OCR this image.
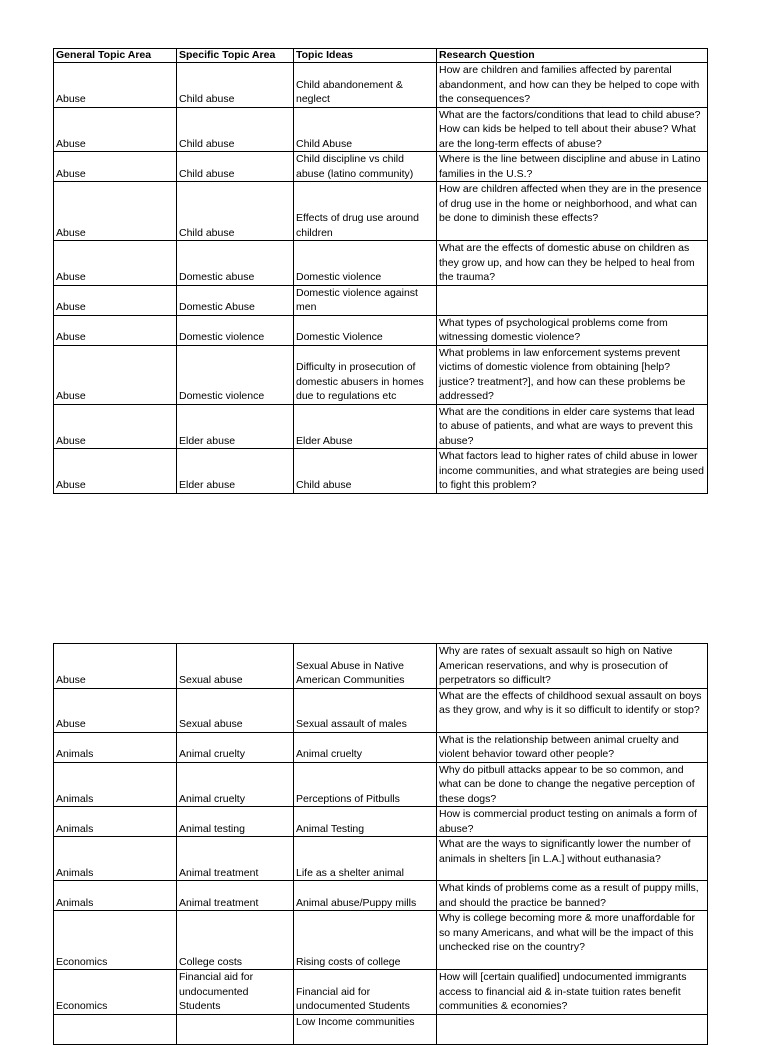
General Topic Area	Specific Topic Area	Topic Ideas	Research Question
Abuse	Child abuse	Child abandonement & neglect	How are children and families affected by parental abandonment, and how can they be helped to cope with the consequences?
Abuse	Child abuse	Child Abuse	What are the factors/conditions that lead to child abuse? How can kids be helped to tell about their abuse? What are the long-term effects of abuse?
Abuse	Child abuse	Child discipline vs child abuse (latino community)	Where is the line between discipline and abuse in Latino families in the U.S.?
Abuse	Child abuse	Effects of drug use around children	How are children affected when they are in the presence of drug use in the home or neighborhood, and what can be done to diminish these effects?
Abuse	Domestic abuse	Domestic violence	What are the effects of domestic abuse on children as they grow up, and how can they be helped to heal from the trauma?
Abuse	Domestic Abuse	Domestic violence against men	
Abuse	Domestic violence	Domestic Violence	What types of psychological problems come from witnessing domestic violence?
Abuse	Domestic violence	Difficulty in prosecution of domestic abusers in homes due to regulations etc	What problems in law enforcement systems prevent victims of domestic violence from obtaining [help? justice? treatment?], and how can these problems be addressed?
Abuse	Elder abuse	Elder Abuse	What are the conditions in elder care systems that lead to abuse of patients, and what are ways to prevent this abuse?
Abuse	Elder abuse	Child abuse	What factors lead to higher rates of child abuse in lower income communities, and what strategies are being used to fight this problem?
Abuse	Sexual abuse	Sexual Abuse in Native American Communities	Why are rates of sexualt assault so high on Native American reservations, and why is prosecution of perpetrators so difficult?
Abuse	Sexual abuse	Sexual assault of males	What are the effects of childhood sexual assault on boys as they grow, and why is it so difficult to identify or stop?
Animals	Animal cruelty	Animal cruelty	What is the relationship between animal cruelty and violent behavior toward other people?
Animals	Animal cruelty	Perceptions of Pitbulls	Why do pitbull attacks appear to be so common, and what can be done to change the negative perception of these dogs?
Animals	Animal testing	Animal Testing	How is commercial product testing on animals a form of abuse?
Animals	Animal treatment	Life as a shelter animal	What are the ways to significantly lower the number of animals in shelters [in L.A.] without euthanasia?
Animals	Animal treatment	Animal abuse/Puppy mills	What kinds of problems come as a result of puppy mills, and should the practice be banned?
Economics	College costs	Rising costs of college	Why is college becoming more & more unaffordable for so many Americans, and what will be the impact of this unchecked rise on the country?
Economics	Financial aid for undocumented Students	Financial aid for undocumented Students	How will [certain qualified] undocumented immigrants access to financial aid & in-state tuition rates benefit communities & economies?
		Low Income communities	
